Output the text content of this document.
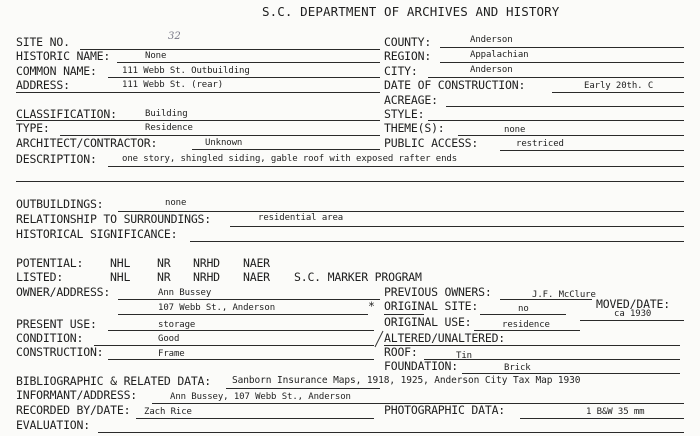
S.C. DEPARTMENT OF ARCHIVES AND HISTORY
SITE NO.	32
HISTORIC NAME:	None
COMMON NAME:	111 Webb St. Outbuilding
ADDRESS:	111 Webb St. (rear)
CLASSIFICATION:	Building
TYPE:	Residence
ARCHITECT/CONTRACTOR:	Unknown
COUNTY:	Anderson
REGION:	Appalachian
CITY:	Anderson
DATE OF CONSTRUCTION:	Early 20th. C
ACREAGE:
STYLE:
THEME(S):	none
PUBLIC ACCESS:	restriced
DESCRIPTION:	one story, shingled siding, gable roof with exposed rafter ends
OUTBUILDINGS:	none
RELATIONSHIP TO SURROUNDINGS:	residential area
HISTORICAL SIGNIFICANCE:
POTENTIAL: NHL NR NRHD NAER
LISTED:	NHL NR NRHD NAER S.C. MARKER PROGRAM
OWNER/ADDRESS:	Ann Bussey
107 Webb St., Anderson	*
PRESENT USE:	storage
CONDITION:	Good
CONSTRUCTION:	Frame
PREVIOUS OWNERS:	J.F. McClure
ORIGINAL SITE:	no	MOVED/DATE:
ca 1930
ORIGINAL USE:	residence
ALTERED/UNALTERED:
ROOF:	Tin
FOUNDATION:	Brick
BIBLIOGRAPHIC & RELATED DATA: Sanborn Insurance Maps, 1918, 1925, Anderson City Tax Map 1930
INFORMANT/ADDRESS:	Ann Bussey, 107 Webb St., Anderson
RECORDED BY/DATE: Zach Rice	PHOTOGRAPHIC DATA:	1 B&W 35 mm
EVALUATION:
